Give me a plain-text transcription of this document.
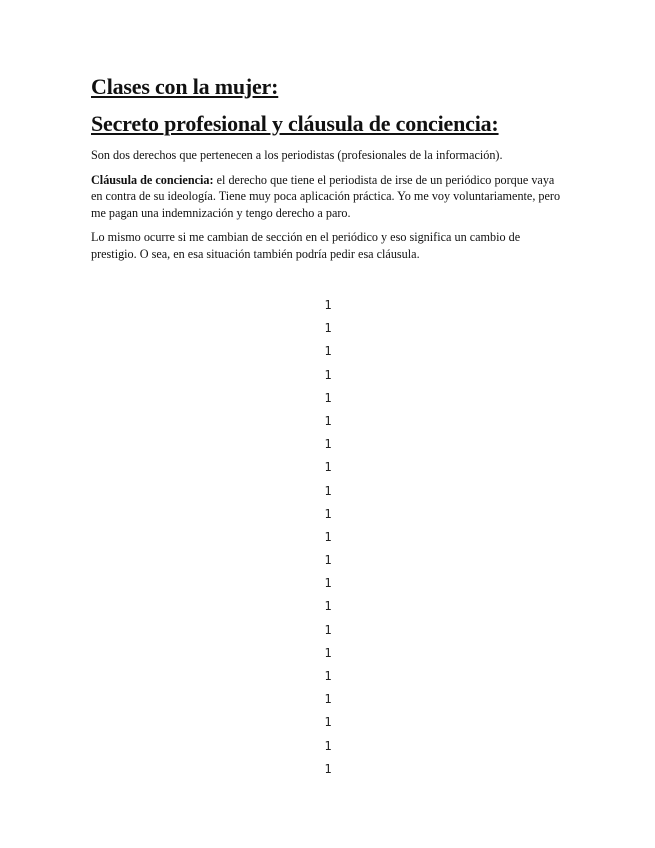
Clases con la mujer:
Secreto profesional y cláusula de conciencia:

Son dos derechos que pertenecen a los periodistas (profesionales de la información).

Cláusula de conciencia: el derecho que tiene el periodista de irse de un periódico porque vaya en contra de su ideología. Tiene muy poca aplicación práctica. Yo me voy voluntariamente, pero me pagan una indemnización y tengo derecho a paro.

Lo mismo ocurre si me cambian de sección en el periódico y eso significa un cambio de prestigio. O sea, en esa situación también podría pedir esa cláusula.

1
1
1
1
1
1
1
1
1
1
1
1
1
1
1
1
1
1
1
1
1
